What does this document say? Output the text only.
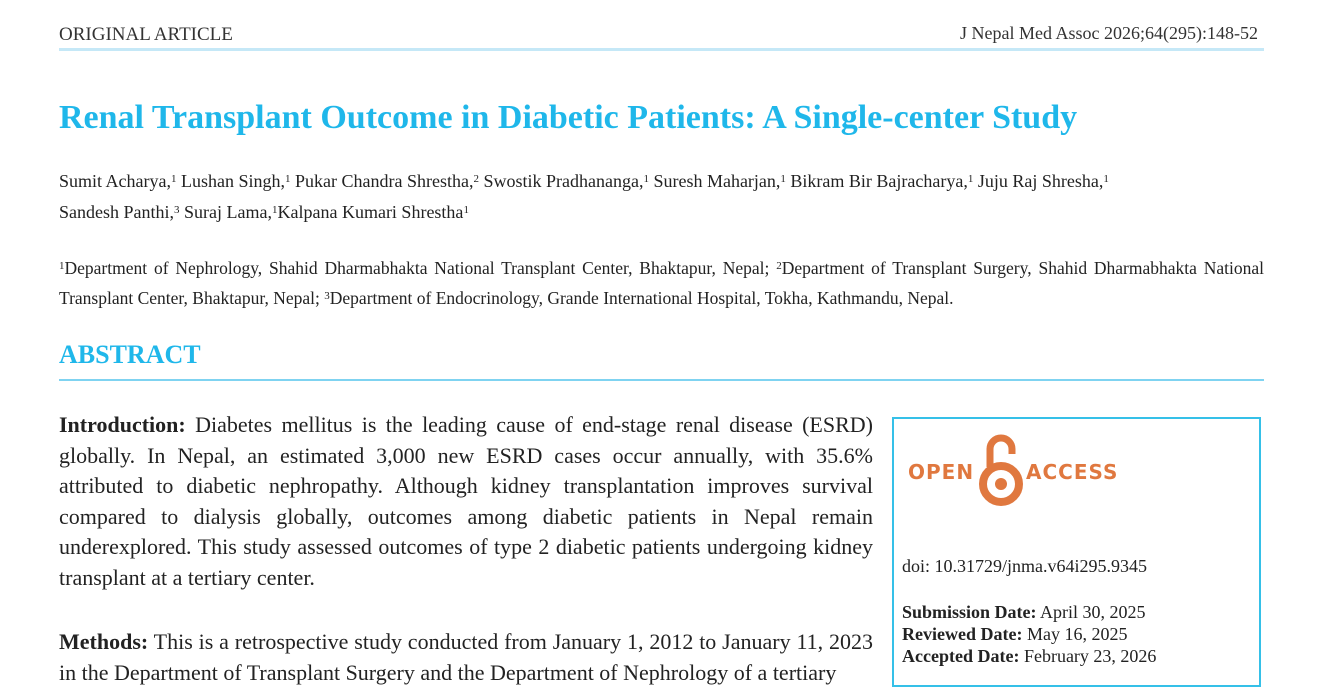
ORIGINAL ARTICLE	J Nepal Med Assoc 2026;64(295):148-52
Renal Transplant Outcome in Diabetic Patients: A Single-center Study
Sumit Acharya,$^1$ Lushan Singh,$^1$ Pukar Chandra Shrestha,$^2$ Swostik Pradhananga,$^1$ Suresh Maharjan,$^1$ Bikram Bir Bajracharya,$^1$ Juju Raj Shresha,$^1$
Sandesh Panthi,$^3$ Suraj Lama,$^1$Kalpana Kumari Shrestha$^1$
$^1$Department of Nephrology, Shahid Dharmabhakta National Transplant Center, Bhaktapur, Nepal; $^2$Department of Transplant Surgery, Shahid Dharmabhakta National Transplant Center, Bhaktapur, Nepal; $^3$Department of Endocrinology, Grande International Hospital, Tokha, Kathmandu, Nepal.
ABSTRACT
Introduction: Diabetes mellitus is the leading cause of end-stage renal disease (ESRD) globally. In Nepal, an estimated 3,000 new ESRD cases occur annually, with 35.6% attributed to diabetic nephropathy. Although kidney transplantation improves survival compared to dialysis globally, outcomes among diabetic patients in Nepal remain underexplored. This study assessed outcomes of type 2 diabetic patients undergoing kidney transplant at a tertiary center.
Methods: This is a retrospective study conducted from January 1, 2012 to January 11, 2023 in the Department of Transplant Surgery and the Department of Nephrology of a tertiary
OPEN	ACCESS
doi: 10.31729/jnma.v64i295.9345
Submission Date: April 30, 2025
Reviewed Date: May 16, 2025
Accepted Date: February 23, 2026
